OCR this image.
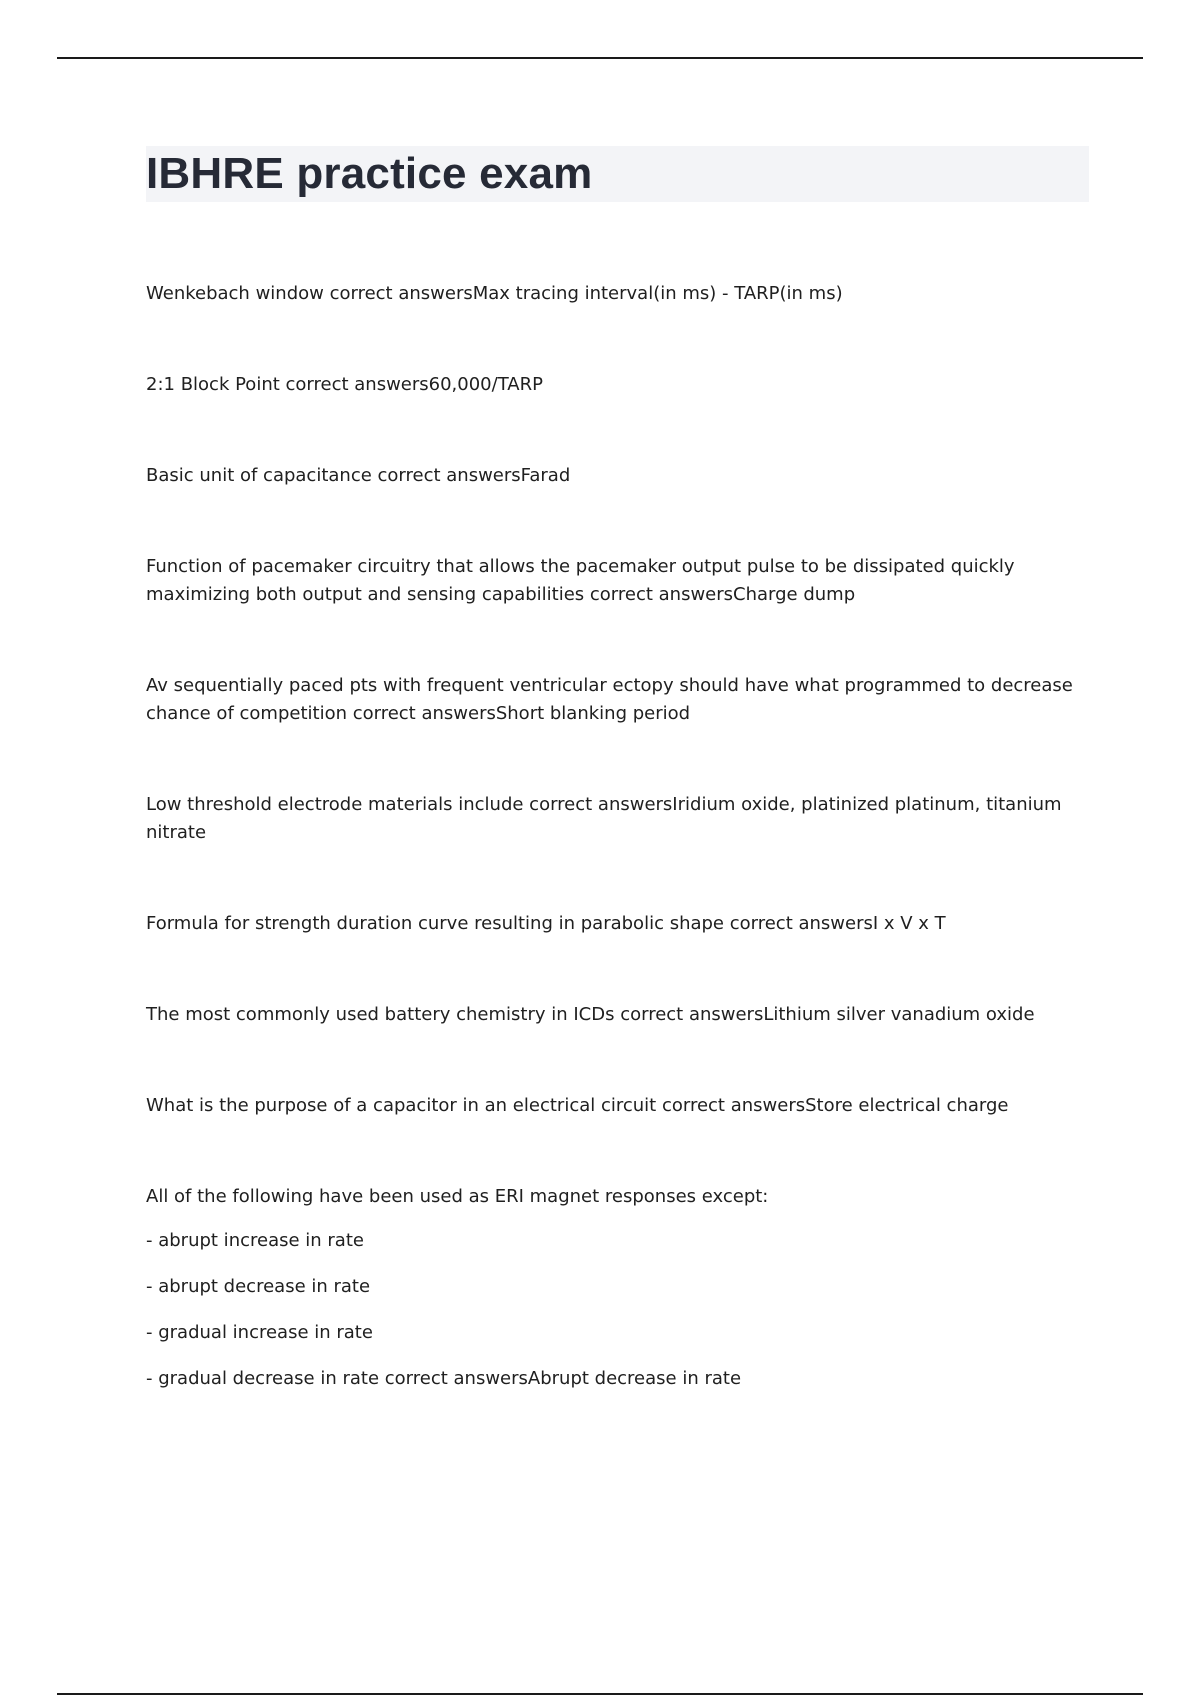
IBHRE practice exam

Wenkebach window correct answersMax tracing interval(in ms) - TARP(in ms)

2:1 Block Point correct answers60,000/TARP

Basic unit of capacitance correct answersFarad

Function of pacemaker circuitry that allows the pacemaker output pulse to be dissipated quickly maximizing both output and sensing capabilities correct answersCharge dump

Av sequentially paced pts with frequent ventricular ectopy should have what programmed to decrease chance of competition correct answersShort blanking period

Low threshold electrode materials include correct answersIridium oxide, platinized platinum, titanium nitrate

Formula for strength duration curve resulting in parabolic shape correct answersI x V x T

The most commonly used battery chemistry in ICDs correct answersLithium silver vanadium oxide

What is the purpose of a capacitor in an electrical circuit correct answersStore electrical charge

All of the following have been used as ERI magnet responses except:

- abrupt increase in rate

- abrupt decrease in rate

- gradual increase in rate

- gradual decrease in rate correct answersAbrupt decrease in rate
